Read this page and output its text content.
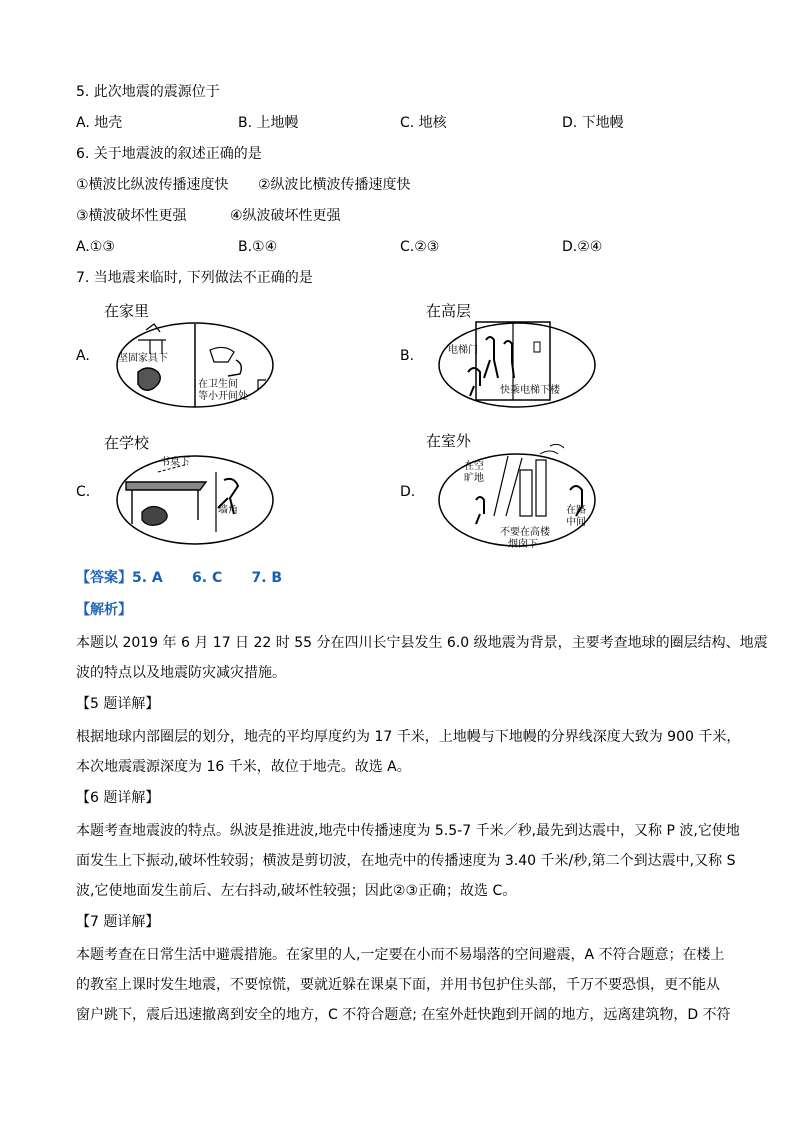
5. 此次地震的震源位于
A. 地壳	B. 上地幔	C. 地核	D. 下地幔
6. 关于地震波的叙述正确的是
①横波比纵波传播速度快 ②纵波比横波传播速度快
③横波破坏性更强	④纵波破坏性更强
A.①③	B.①④	C.②③	D.②④
7. 当地震来临时, 下列做法不正确的是
A.
在家里
坚固家具下
在卫生间
等小开间处
B.
在高层
电梯门
快乘电梯下楼
C.
在学校
书桌下
墙角
D.
在室外
在空
旷地
在路
中间
不要在高楼
烟囱下
【答案】5. A      6. C      7. B
【解析】
本题以 2019 年 6 月 17 日 22 时 55 分在四川长宁县发生 6.0 级地震为背景，主要考查地球的圈层结构、地震
波的特点以及地震防灾减灾措施。
【5 题详解】
根据地球内部圈层的划分，地壳的平均厚度约为 17 千米，上地幔与下地幔的分界线深度大致为 900 千米，
本次地震震源深度为 16 千米，故位于地壳。故选 A。
【6 题详解】
本题考查地震波的特点。纵波是推进波,地壳中传播速度为 5.5-7 千米／秒,最先到达震中，又称 P 波,它使地
面发生上下振动,破坏性较弱；横波是剪切波，在地壳中的传播速度为 3.40 千米/秒,第二个到达震中,又称 S
波,它使地面发生前后、左右抖动,破坏性较强；因此②③正确；故选 C。
【7 题详解】
本题考查在日常生活中避震措施。在家里的人,一定要在小而不易塌落的空间避震，A 不符合题意；在楼上
的教室上课时发生地震，不要惊慌，要就近躲在课桌下面，并用书包护住头部，千万不要恐惧，更不能从
窗户跳下，震后迅速撤离到安全的地方，C 不符合题意; 在室外赶快跑到开阔的地方，远离建筑物，D 不符
